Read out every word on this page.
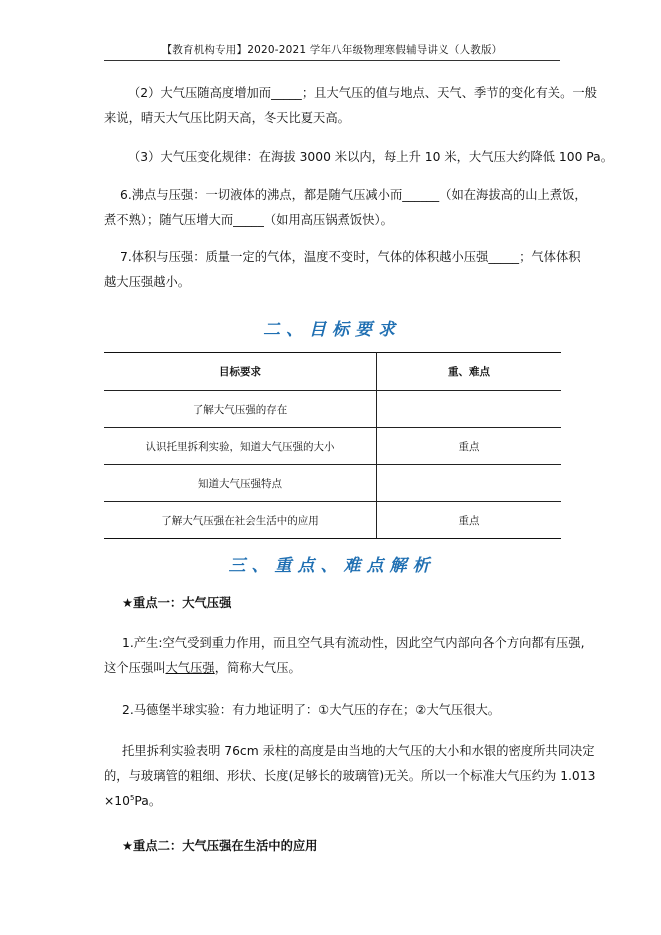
【教育机构专用】2020-2021 学年八年级物理寒假辅导讲义（人教版）
（2）大气压随高度增加而_____；且大气压的值与地点、天气、季节的变化有关。一般
来说，晴天大气压比阴天高，冬天比夏天高。
（3）大气压变化规律：在海拔 3000 米以内，每上升 10 米，大气压大约降低 100 Pa。
6.沸点与压强：一切液体的沸点，都是随气压减小而______（如在海拔高的山上煮饭，
煮不熟）；随气压增大而_____（如用高压锅煮饭快）。
7.体积与压强：质量一定的气体，温度不变时，气体的体积越小压强_____；气体体积
越大压强越小。
二、目标要求
目标要求	重、难点
了解大气压强的存在	
认识托里拆利实验，知道大气压强的大小	重点
知道大气压强特点	
了解大气压强在社会生活中的应用	重点
三、重点、难点解析
★重点一：大气压强
1.产生:空气受到重力作用，而且空气具有流动性，因此空气内部向各个方向都有压强,
这个压强叫大气压强，简称大气压。
2.马德堡半球实验：有力地证明了：①大气压的存在；②大气压很大。
托里拆利实验表明 76cm 汞柱的高度是由当地的大气压的大小和水银的密度所共同决定
的，与玻璃管的粗细、形状、长度(足够长的玻璃管)无关。所以一个标准大气压约为 1.013
$\times 10^5Pa$。
★重点二：大气压强在生活中的应用
